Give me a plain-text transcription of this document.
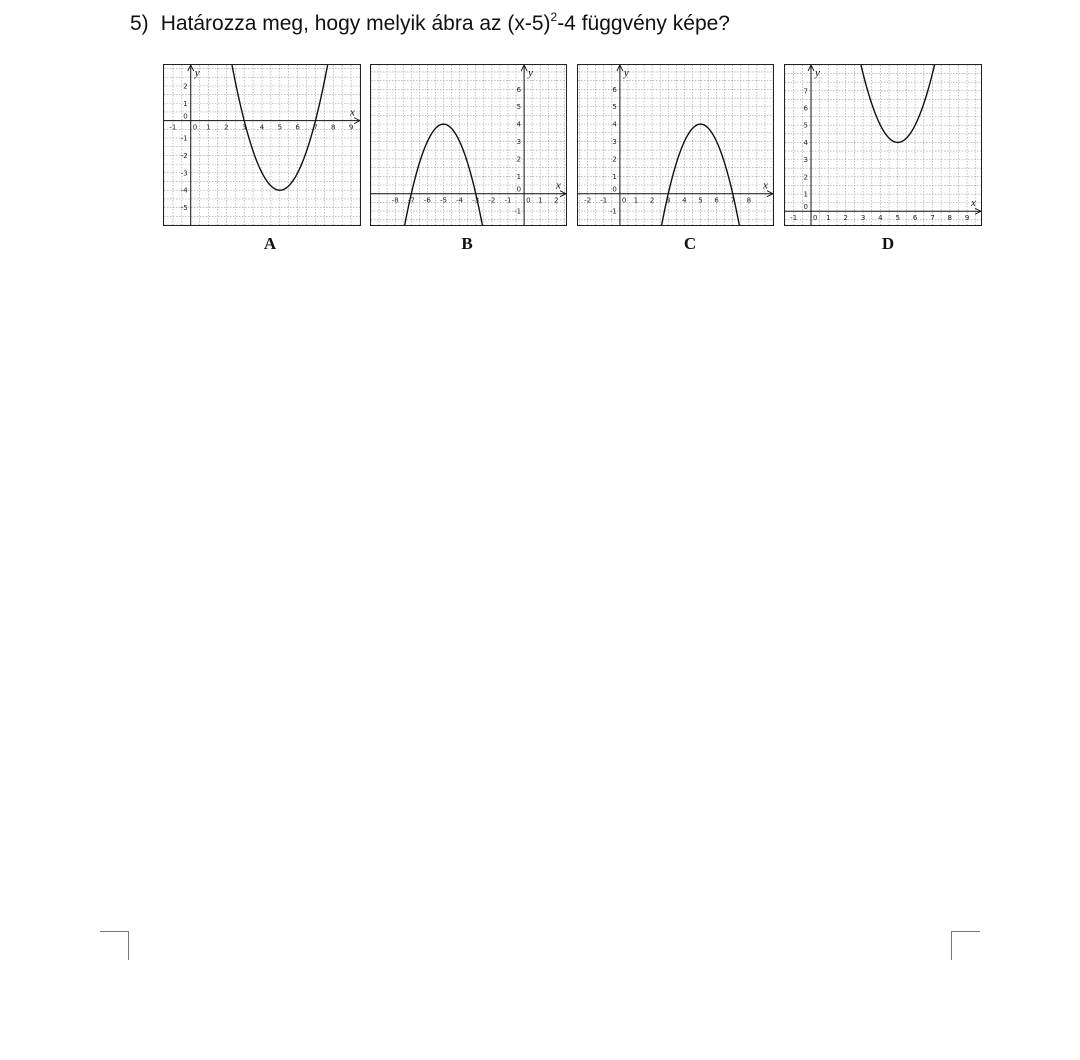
5) Határozza meg, hogy melyik ábra az $(x-5)^2-4$ függvény képe?
x
y
-1 0 1 2 3 4 5 6 7 8 9
2
1
0
-1
-2
-3
-4
-5
A
x
y
-8 -7 -6 -5 -4 -3 -2 -1 0 1 2
6
5
4
3
2
1
0
-1
B
x
y
-2 -1 0 1 2 3 4 5 6 7 8
6
5
4
3
2
1
0
-1
C
x
y
-1 0 1 2 3 4 5 6 7 8 9
7
6
5
4
3
2
1
0
D
